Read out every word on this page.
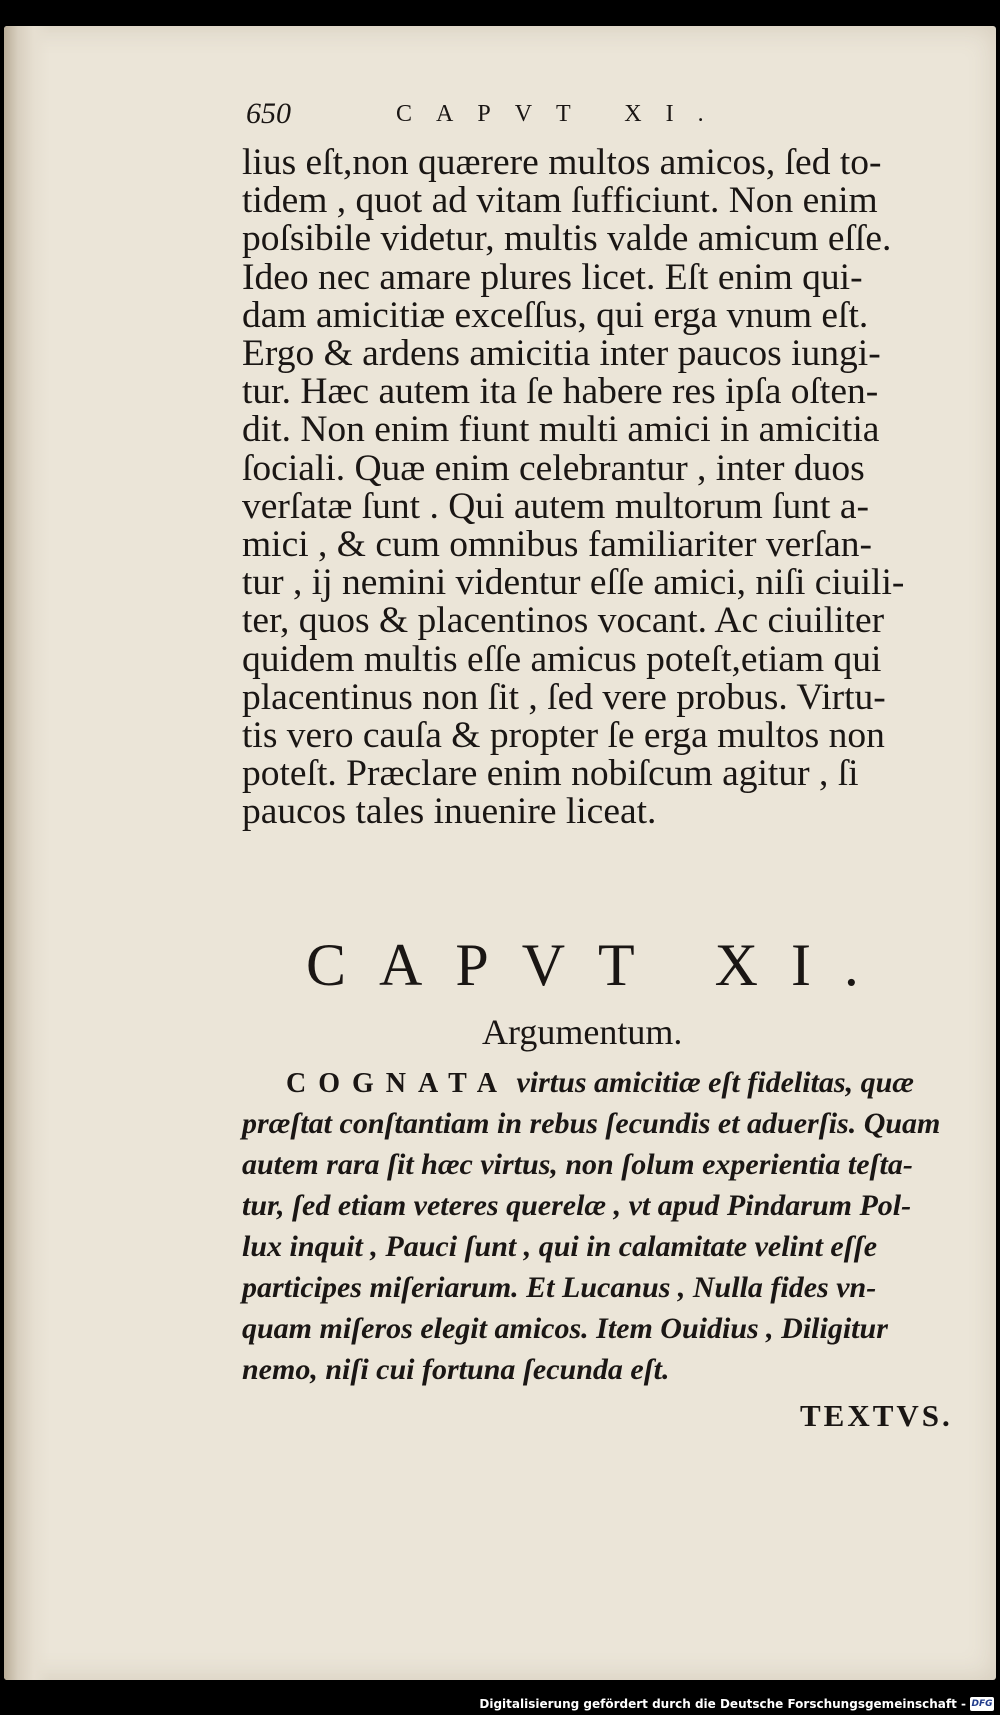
650	CAPVT XI.
lius eſt,non quærere multos amicos, ſed to-
tidem , quot ad vitam ſufficiunt. Non enim
poſsibile videtur, multis valde amicum eſſe.
Ideo nec amare plures licet. Eſt enim qui-
dam amicitiæ exceſſus, qui erga vnum eſt.
Ergo & ardens amicitia inter paucos iungi-
tur. Hæc autem ita ſe habere res ipſa oſten-
dit. Non enim fiunt multi amici in amicitia
ſociali. Quæ enim celebrantur , inter duos
verſatæ ſunt . Qui autem multorum ſunt a-
mici , & cum omnibus familiariter verſan-
tur , ij nemini videntur eſſe amici, niſi ciuili-
ter, quos & placentinos vocant. Ac ciuiliter
quidem multis eſſe amicus poteſt,etiam qui
placentinus non ſit , ſed vere probus. Virtu-
tis vero cauſa & propter ſe erga multos non
poteſt. Præclare enim nobiſcum agitur , ſi
paucos tales inuenire liceat.
CAPVT XI.
Argumentum.
COGNATA virtus amicitiæ eſt fidelitas, quæ
præſtat conſtantiam in rebus ſecundis et aduerſis. Quam
autem rara ſit hæc virtus, non ſolum experientia teſta-
tur, ſed etiam veteres querelæ , vt apud Pindarum Pol-
lux inquit , Pauci ſunt , qui in calamitate velint eſſe
participes miſeriarum. Et Lucanus , Nulla fides vn-
quam miſeros elegit amicos. Item Ouidius , Diligitur
nemo, niſi cui fortuna ſecunda eſt.
TEXTVS.
Digitalisierung gefördert durch die Deutsche Forschungsgemeinschaft - DFG
